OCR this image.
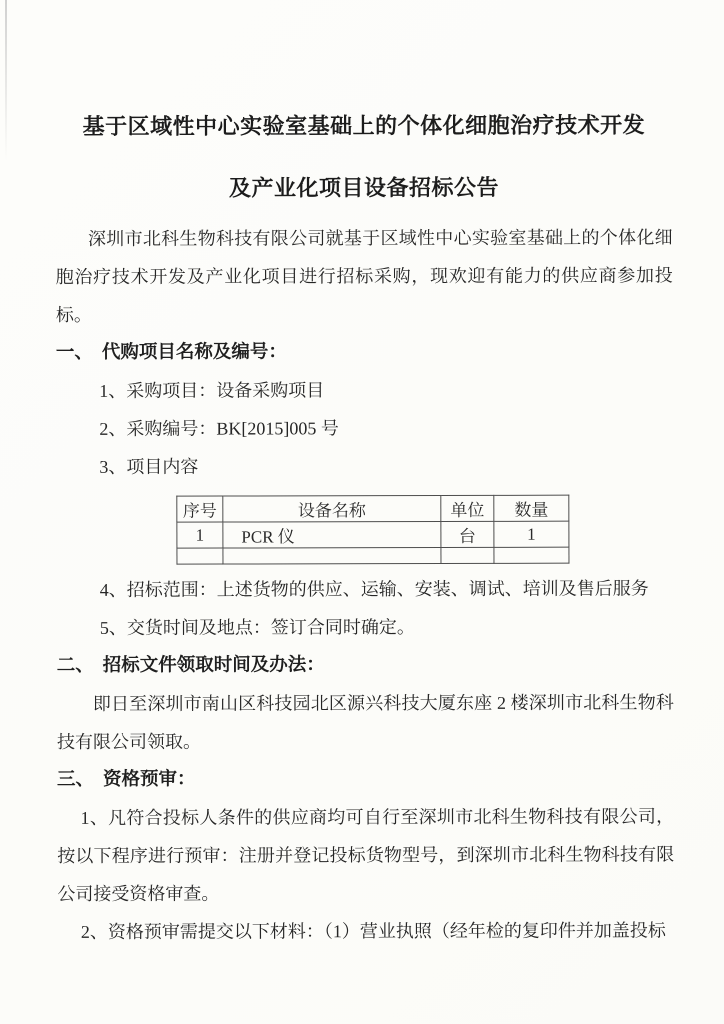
基于区域性中心实验室基础上的个体化细胞治疗技术开发
及产业化项目设备招标公告

深圳市北科生物科技有限公司就基于区域性中心实验室基础上的个体化细胞治疗技术开发及产业化项目进行招标采购，现欢迎有能力的供应商参加投标。

一、 代购项目名称及编号：

1、采购项目：设备采购项目

2、采购编号：BK[2015]005 号

3、项目内容

序号	设备名称	单位	数量
1	PCR 仪	台	1

4、招标范围：上述货物的供应、运输、安装、调试、培训及售后服务

5、交货时间及地点：签订合同时确定。

二、 招标文件领取时间及办法：

即日至深圳市南山区科技园北区源兴科技大厦东座 2 楼深圳市北科生物科技有限公司领取。

三、 资格预审：

1、凡符合投标人条件的供应商均可自行至深圳市北科生物科技有限公司，按以下程序进行预审：注册并登记投标货物型号，到深圳市北科生物科技有限公司接受资格审查。

2、资格预审需提交以下材料：（1）营业执照（经年检的复印件并加盖投标
